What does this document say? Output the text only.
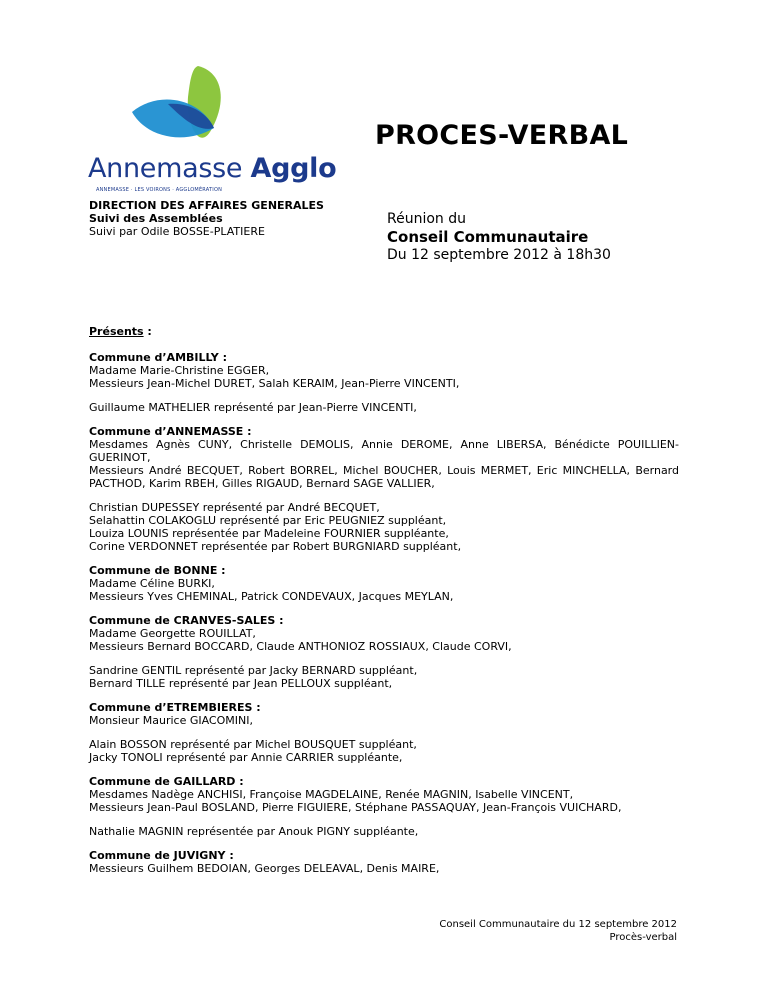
Annemasse Agglo
ANNEMASSE · LES VOIRONS · AGGLOMÉRATION
PROCES-VERBAL
DIRECTION DES AFFAIRES GENERALES
Suivi des Assemblées
Suivi par Odile BOSSE-PLATIERE
Réunion du
Conseil Communautaire
Du 12 septembre 2012 à 18h30
Présents :
Commune d’AMBILLY :
Madame Marie-Christine EGGER,
Messieurs Jean-Michel DURET, Salah KERAIM, Jean-Pierre VINCENTI,
Guillaume MATHELIER représenté par Jean-Pierre VINCENTI,
Commune d’ANNEMASSE :
Mesdames Agnès CUNY, Christelle DEMOLIS, Annie DEROME, Anne LIBERSA, Bénédicte POUILLIEN-GUERINOT,
Messieurs André BECQUET, Robert BORREL, Michel BOUCHER, Louis MERMET, Eric MINCHELLA, Bernard PACTHOD, Karim RBEH, Gilles RIGAUD, Bernard SAGE VALLIER,
Christian DUPESSEY représenté par André BECQUET,
Selahattin COLAKOGLU représenté par Eric PEUGNIEZ suppléant,
Louiza LOUNIS représentée par Madeleine FOURNIER suppléante,
Corine VERDONNET représentée par Robert BURGNIARD suppléant,
Commune de BONNE :
Madame Céline BURKI,
Messieurs Yves CHEMINAL, Patrick CONDEVAUX, Jacques MEYLAN,
Commune de CRANVES-SALES :
Madame Georgette ROUILLAT,
Messieurs Bernard BOCCARD, Claude ANTHONIOZ ROSSIAUX, Claude CORVI,
Sandrine GENTIL représenté par Jacky BERNARD suppléant,
Bernard TILLE représenté par Jean PELLOUX suppléant,
Commune d’ETREMBIERES :
Monsieur Maurice GIACOMINI,
Alain BOSSON représenté par Michel BOUSQUET suppléant,
Jacky TONOLI représenté par Annie CARRIER suppléante,
Commune de GAILLARD :
Mesdames Nadège ANCHISI, Françoise MAGDELAINE, Renée MAGNIN, Isabelle VINCENT,
Messieurs Jean-Paul BOSLAND, Pierre FIGUIERE, Stéphane PASSAQUAY, Jean-François VUICHARD,
Nathalie MAGNIN représentée par Anouk PIGNY suppléante,
Commune de JUVIGNY :
Messieurs Guilhem BEDOIAN, Georges DELEAVAL, Denis MAIRE,
Conseil Communautaire du 12 septembre 2012
Procès-verbal
